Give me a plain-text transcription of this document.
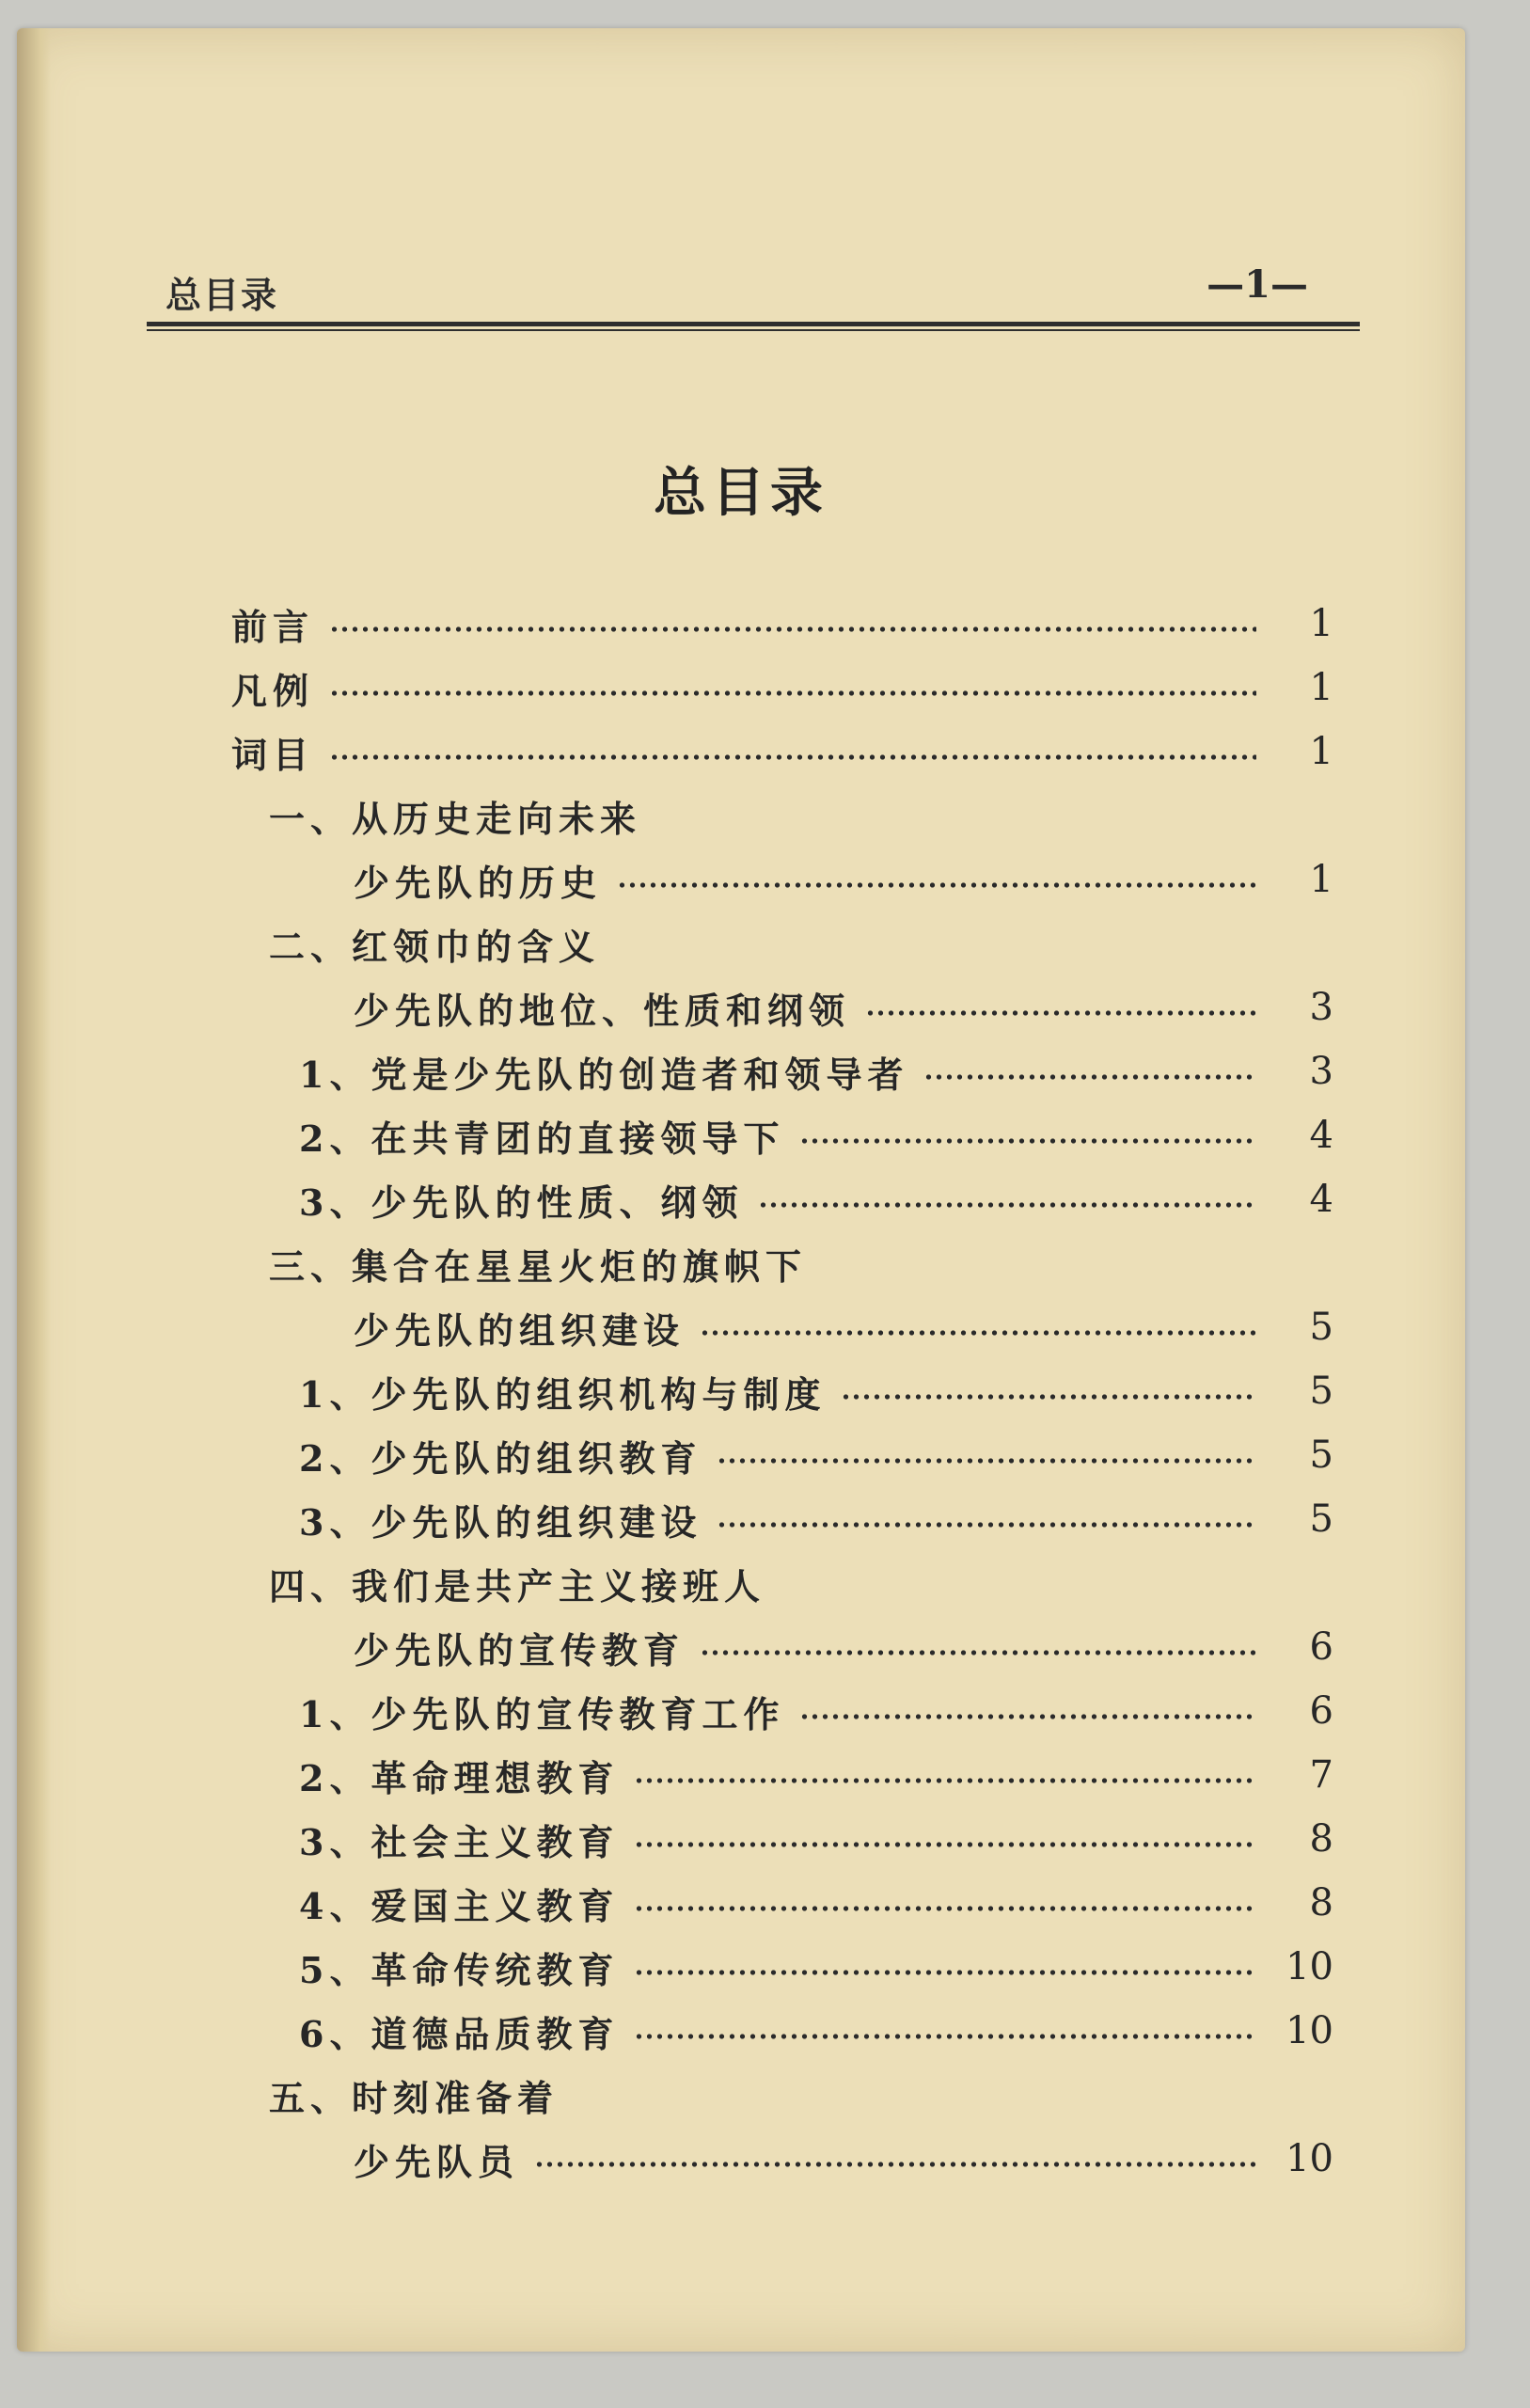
总目录	—1—
总目录
前言	1
凡例	1
词目	1
一、从历史走向未来
少先队的历史	1
二、红领巾的含义
少先队的地位、性质和纲领	3
1、党是少先队的创造者和领导者	3
2、在共青团的直接领导下	4
3、少先队的性质、纲领	4
三、集合在星星火炬的旗帜下
少先队的组织建设	5
1、少先队的组织机构与制度	5
2、少先队的组织教育	5
3、少先队的组织建设	5
四、我们是共产主义接班人
少先队的宣传教育	6
1、少先队的宣传教育工作	6
2、革命理想教育	7
3、社会主义教育	8
4、爱国主义教育	8
5、革命传统教育	10
6、道德品质教育	10
五、时刻准备着
少先队员	10
